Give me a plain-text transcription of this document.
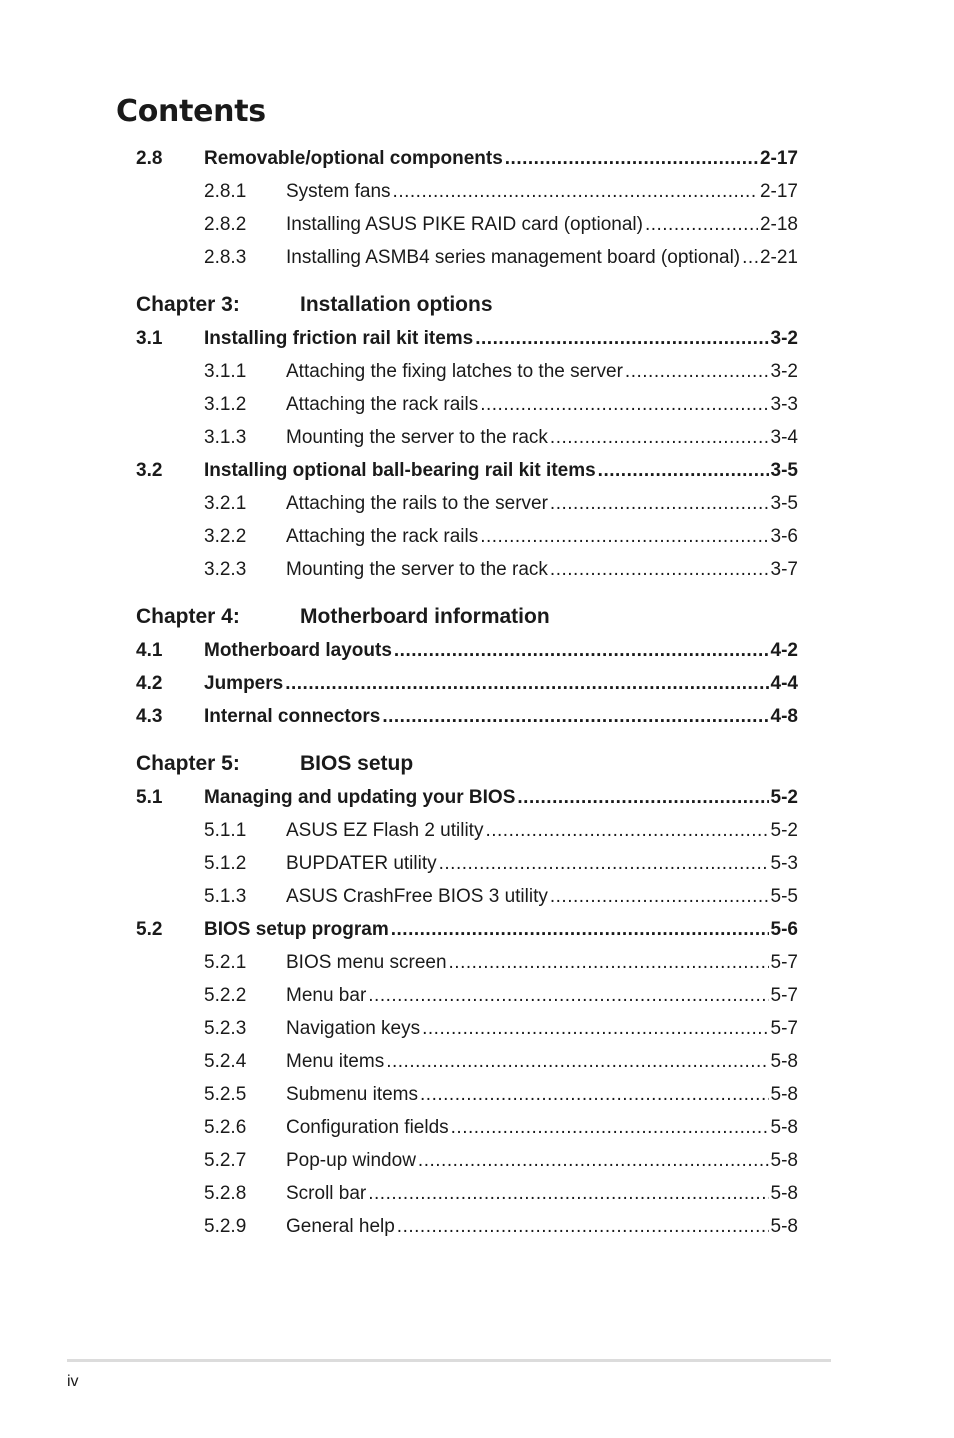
Contents
2.8	Removable/optional components .....	2-17
2.8.1	System fans .....	2-17
2.8.2	Installing ASUS PIKE RAID card (optional) .....	2-18
2.8.3	Installing ASMB4 series management board (optional) ..... 2-21
Chapter 3:	Installation options
3.1	Installing friction rail kit items .....	3-2
3.1.1	Attaching the fixing latches to the server .....	3-2
3.1.2	Attaching the rack rails .....	3-3
3.1.3	Mounting the server to the rack .....	3-4
3.2	Installing optional ball-bearing rail kit items .....	3-5
3.2.1	Attaching the rails to the server .....	3-5
3.2.2	Attaching the rack rails .....	3-6
3.2.3	Mounting the server to the rack .....	3-7
Chapter 4:	Motherboard information
4.1	Motherboard layouts .....	4-2
4.2	Jumpers .....	4-4
4.3	Internal connectors .....	4-8
Chapter 5:	BIOS setup
5.1	Managing and updating your BIOS .....	5-2
5.1.1	ASUS EZ Flash 2 utility .....	5-2
5.1.2	BUPDATER utility .....	5-3
5.1.3	ASUS CrashFree BIOS 3 utility .....	5-5
5.2	BIOS setup program .....	5-6
5.2.1	BIOS menu screen .....	5-7
5.2.2	Menu bar .....	5-7
5.2.3	Navigation keys .....	5-7
5.2.4	Menu items .....	5-8
5.2.5	Submenu items .....	5-8
5.2.6	Configuration fields .....	5-8
5.2.7	Pop-up window .....	5-8
5.2.8	Scroll bar .....	5-8
5.2.9	General help .....	5-8
iv
